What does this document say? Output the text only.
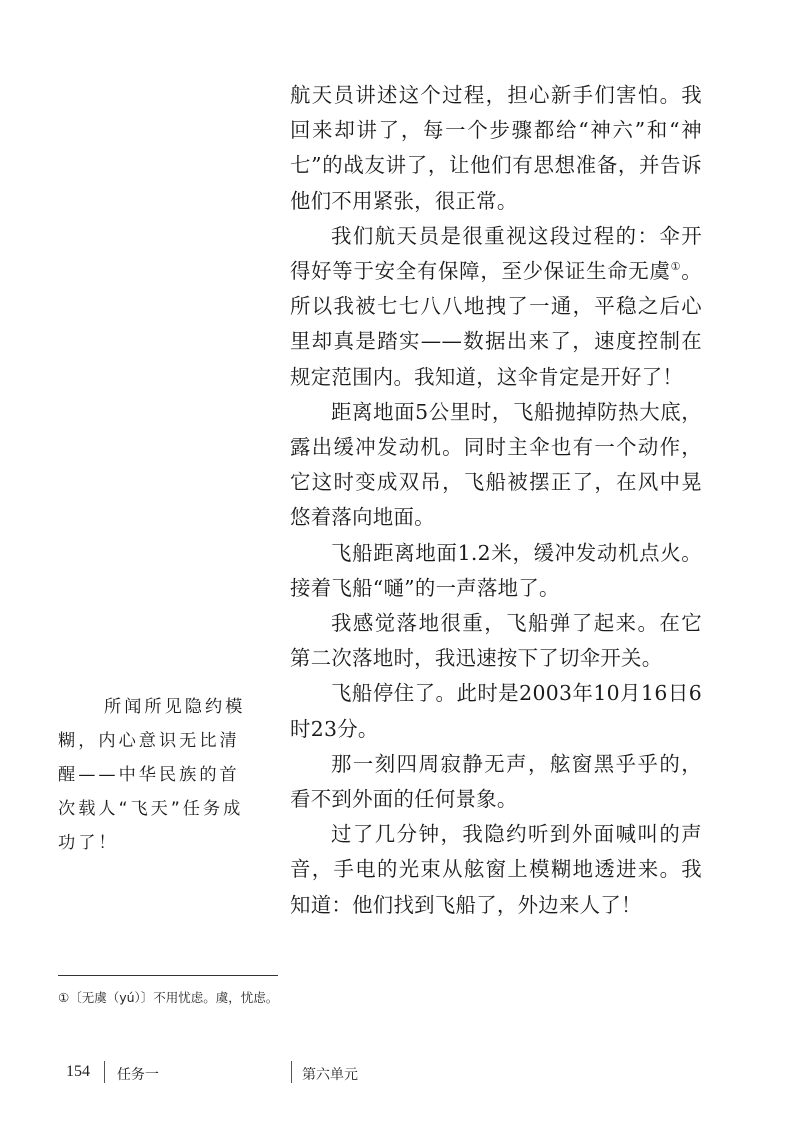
航天员讲述这个过程，担心新手们害怕。我回来却讲了，每一个步骤都给“神六”和“神七”的战友讲了，让他们有思想准备，并告诉他们不用紧张，很正常。

我们航天员是很重视这段过程的：伞开得好等于安全有保障，至少保证生命无虞①。所以我被七七八八地拽了一通，平稳之后心里却真是踏实——数据出来了，速度控制在规定范围内。我知道，这伞肯定是开好了！

距离地面5公里时，飞船抛掉防热大底，露出缓冲发动机。同时主伞也有一个动作，它这时变成双吊，飞船被摆正了，在风中晃悠着落向地面。

飞船距离地面1.2米，缓冲发动机点火。接着飞船“嗵”的一声落地了。

我感觉落地很重，飞船弹了起来。在它第二次落地时，我迅速按下了切伞开关。

飞船停住了。此时是2003年10月16日6时23分。

那一刻四周寂静无声，舷窗黑乎乎的，看不到外面的任何景象。

过了几分钟，我隐约听到外面喊叫的声音，手电的光束从舷窗上模糊地透进来。我知道：他们找到飞船了，外边来人了！

所闻所见隐约模糊，内心意识无比清醒——中华民族的首次载人“飞天”任务成功了！

①〔无虞（yú）〕不用忧虑。虞，忧虑。
154 任务一	第六单元
